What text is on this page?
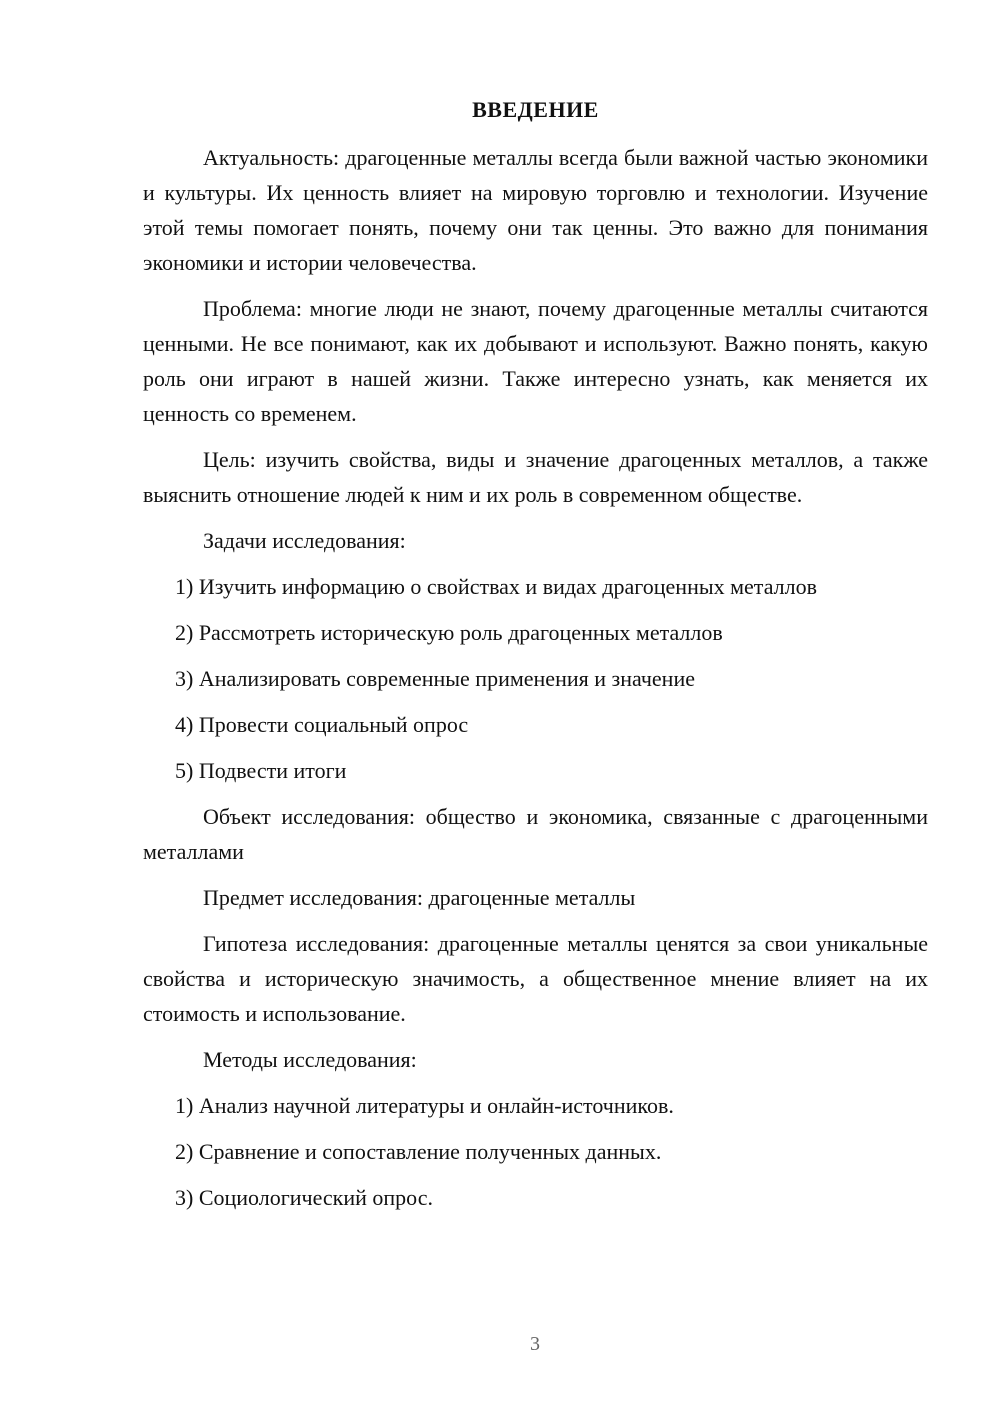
ВВЕДЕНИЕ

Актуальность: драгоценные металлы всегда были важной частью экономики и культуры. Их ценность влияет на мировую торговлю и технологии. Изучение этой темы помогает понять, почему они так ценны. Это важно для понимания экономики и истории человечества.

Проблема: многие люди не знают, почему драгоценные металлы считаются ценными. Не все понимают, как их добывают и используют. Важно понять, какую роль они играют в нашей жизни. Также интересно узнать, как меняется их ценность со временем.

Цель: изучить свойства, виды и значение драгоценных металлов, а также выяснить отношение людей к ним и их роль в современном обществе.

Задачи исследования:

1) Изучить информацию о свойствах и видах драгоценных металлов

2) Рассмотреть историческую роль драгоценных металлов

3) Анализировать современные применения и значение

4) Провести социальный опрос

5) Подвести итоги

Объект исследования: общество и экономика, связанные с драгоценными металлами

Предмет исследования: драгоценные металлы

Гипотеза исследования: драгоценные металлы ценятся за свои уникальные свойства и историческую значимость, а общественное мнение влияет на их стоимость и использование.

Методы исследования:

1) Анализ научной литературы и онлайн-источников.

2) Сравнение и сопоставление полученных данных.

3) Социологический опрос.

3
